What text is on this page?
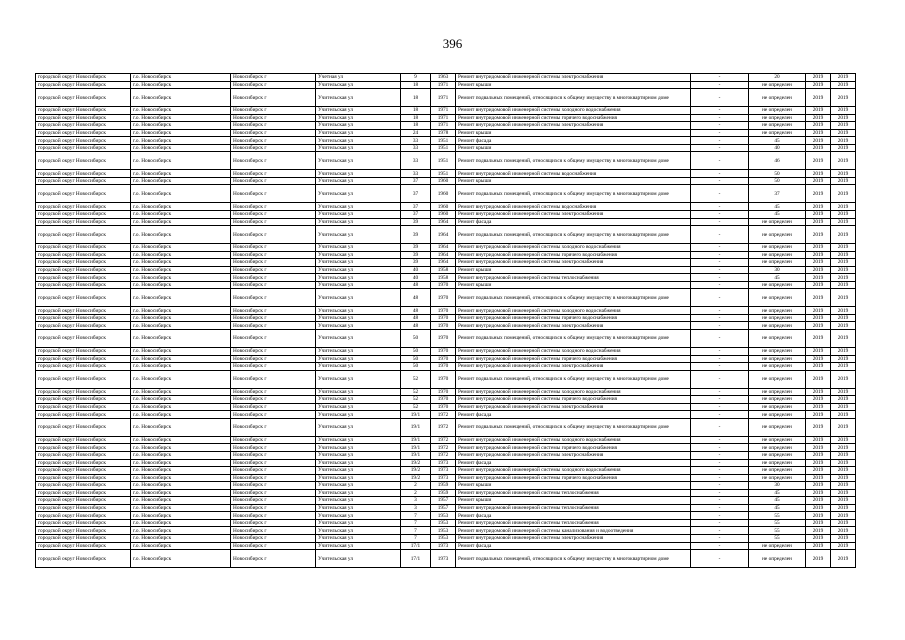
396
городской округ Новосибирск	г.о. Новосибирск	Новосибирск г	Учетная ул	9	1963	Ремонт внутридомовой инженерной системы электроснабжения	-	20	2019	2019
городской округ Новосибирск	г.о. Новосибирск	Новосибирск г	Учительская ул	18	1971	Ремонт крыши	-	не определен	2019	2019
городской округ Новосибирск	г.о. Новосибирск	Новосибирск г	Учительская ул	18	1971	Ремонт подвальных помещений, относящихся к общему имуществу в многоквартирном доме	-	не определен	2019	2019
городской округ Новосибирск	г.о. Новосибирск	Новосибирск г	Учительская ул	18	1971	Ремонт внутридомовой инженерной системы холодного водоснабжения	-	не определен	2019	2019
городской округ Новосибирск	г.о. Новосибирск	Новосибирск г	Учительская ул	18	1971	Ремонт внутридомовой инженерной системы горячего водоснабжения	-	не определен	2019	2019
городской округ Новосибирск	г.о. Новосибирск	Новосибирск г	Учительская ул	18	1971	Ремонт внутридомовой инженерной системы электроснабжения	-	не определен	2019	2019
городской округ Новосибирск	г.о. Новосибирск	Новосибирск г	Учительская ул	24	1978	Ремонт крыши	-	не определен	2019	2019
городской округ Новосибирск	г.о. Новосибирск	Новосибирск г	Учительская ул	33	1951	Ремонт фасада	-	45	2019	2019
городской округ Новосибирск	г.о. Новосибирск	Новосибирск г	Учительская ул	33	1951	Ремонт крыши	-	40	2019	2019
городской округ Новосибирск	г.о. Новосибирск	Новосибирск г	Учительская ул	33	1951	Ремонт подвальных помещений, относящихся к общему имуществу в многоквартирном доме	-	46	2019	2019
городской округ Новосибирск	г.о. Новосибирск	Новосибирск г	Учительская ул	33	1951	Ремонт внутридомовой инженерной системы водоснабжения	-	50	2019	2019
городской округ Новосибирск	г.о. Новосибирск	Новосибирск г	Учительская ул	37	1960	Ремонт крыши	-	50	2019	2019
городской округ Новосибирск	г.о. Новосибирск	Новосибирск г	Учительская ул	37	1960	Ремонт подвальных помещений, относящихся к общему имуществу в многоквартирном доме	-	37	2019	2019
городской округ Новосибирск	г.о. Новосибирск	Новосибирск г	Учительская ул	37	1960	Ремонт внутридомовой инженерной системы водоснабжения	-	45	2019	2019
городской округ Новосибирск	г.о. Новосибирск	Новосибирск г	Учительская ул	37	1960	Ремонт внутридомовой инженерной системы электроснабжения	-	45	2019	2019
городской округ Новосибирск	г.о. Новосибирск	Новосибирск г	Учительская ул	39	1964	Ремонт фасада	-	не определен	2019	2019
городской округ Новосибирск	г.о. Новосибирск	Новосибирск г	Учительская ул	39	1964	Ремонт подвальных помещений, относящихся к общему имуществу в многоквартирном доме	-	не определен	2019	2019
городской округ Новосибирск	г.о. Новосибирск	Новосибирск г	Учительская ул	39	1964	Ремонт внутридомовой инженерной системы холодного водоснабжения	-	не определен	2019	2019
городской округ Новосибирск	г.о. Новосибирск	Новосибирск г	Учительская ул	39	1964	Ремонт внутридомовой инженерной системы горячего водоснабжения	-	не определен	2019	2019
городской округ Новосибирск	г.о. Новосибирск	Новосибирск г	Учительская ул	39	1964	Ремонт внутридомовой инженерной системы электроснабжения	-	не определен	2019	2019
городской округ Новосибирск	г.о. Новосибирск	Новосибирск г	Учительская ул	40	1958	Ремонт крыши	-	30	2019	2019
городской округ Новосибирск	г.о. Новосибирск	Новосибирск г	Учительская ул	40	1958	Ремонт внутридомовой инженерной системы теплоснабжения	-	45	2019	2019
городской округ Новосибирск	г.о. Новосибирск	Новосибирск г	Учительская ул	48	1970	Ремонт крыши	-	не определен	2019	2019
городской округ Новосибирск	г.о. Новосибирск	Новосибирск г	Учительская ул	48	1970	Ремонт подвальных помещений, относящихся к общему имуществу в многоквартирном доме	-	не определен	2019	2019
городской округ Новосибирск	г.о. Новосибирск	Новосибирск г	Учительская ул	48	1970	Ремонт внутридомовой инженерной системы холодного водоснабжения	-	не определен	2019	2019
городской округ Новосибирск	г.о. Новосибирск	Новосибирск г	Учительская ул	48	1970	Ремонт внутридомовой инженерной системы горячего водоснабжения	-	не определен	2019	2019
городской округ Новосибирск	г.о. Новосибирск	Новосибирск г	Учительская ул	48	1970	Ремонт внутридомовой инженерной системы электроснабжения	-	не определен	2019	2019
городской округ Новосибирск	г.о. Новосибирск	Новосибирск г	Учительская ул	50	1970	Ремонт подвальных помещений, относящихся к общему имуществу в многоквартирном доме	-	не определен	2019	2019
городской округ Новосибирск	г.о. Новосибирск	Новосибирск г	Учительская ул	50	1970	Ремонт внутридомовой инженерной системы холодного водоснабжения	-	не определен	2019	2019
городской округ Новосибирск	г.о. Новосибирск	Новосибирск г	Учительская ул	50	1970	Ремонт внутридомовой инженерной системы горячего водоснабжения	-	не определен	2019	2019
городской округ Новосибирск	г.о. Новосибирск	Новосибирск г	Учительская ул	50	1970	Ремонт внутридомовой инженерной системы электроснабжения	-	не определен	2019	2019
городской округ Новосибирск	г.о. Новосибирск	Новосибирск г	Учительская ул	52	1970	Ремонт подвальных помещений, относящихся к общему имуществу в многоквартирном доме	-	не определен	2019	2019
городской округ Новосибирск	г.о. Новосибирск	Новосибирск г	Учительская ул	52	1970	Ремонт внутридомовой инженерной системы холодного водоснабжения	-	не определен	2019	2019
городской округ Новосибирск	г.о. Новосибирск	Новосибирск г	Учительская ул	52	1970	Ремонт внутридомовой инженерной системы горячего водоснабжения	-	не определен	2019	2019
городской округ Новосибирск	г.о. Новосибирск	Новосибирск г	Учительская ул	52	1970	Ремонт внутридомовой инженерной системы электроснабжения	-	не определен	2019	2019
городской округ Новосибирск	г.о. Новосибирск	Новосибирск г	Учительская ул	19/1	1972	Ремонт фасада	-	не определен	2019	2019
городской округ Новосибирск	г.о. Новосибирск	Новосибирск г	Учительская ул	19/1	1972	Ремонт подвальных помещений, относящихся к общему имуществу в многоквартирном доме	-	не определен	2019	2019
городской округ Новосибирск	г.о. Новосибирск	Новосибирск г	Учительская ул	19/1	1972	Ремонт внутридомовой инженерной системы холодного водоснабжения	-	не определен	2019	2019
городской округ Новосибирск	г.о. Новосибирск	Новосибирск г	Учительская ул	19/1	1972	Ремонт внутридомовой инженерной системы горячего водоснабжения	-	не определен	2019	2019
городской округ Новосибирск	г.о. Новосибирск	Новосибирск г	Учительская ул	19/1	1972	Ремонт внутридомовой инженерной системы электроснабжения	-	не определен	2019	2019
городской округ Новосибирск	г.о. Новосибирск	Новосибирск г	Учительская ул	19/2	1973	Ремонт фасада	-	не определен	2019	2019
городской округ Новосибирск	г.о. Новосибирск	Новосибирск г	Учительская ул	19/2	1973	Ремонт внутридомовой инженерной системы холодного водоснабжения	-	не определен	2019	2019
городской округ Новосибирск	г.о. Новосибирск	Новосибирск г	Учительская ул	19/2	1973	Ремонт внутридомовой инженерной системы горячего водоснабжения	-	не определен	2019	2019
городской округ Новосибирск	г.о. Новосибирск	Новосибирск г	Учительская ул	2	1959	Ремонт крыши	-	30	2019	2019
городской округ Новосибирск	г.о. Новосибирск	Новосибирск г	Учительская ул	2	1959	Ремонт внутридомовой инженерной системы теплоснабжения	-	45	2019	2019
городской округ Новосибирск	г.о. Новосибирск	Новосибирск г	Учительская ул	3	1957	Ремонт крыши	-	45	2019	2019
городской округ Новосибирск	г.о. Новосибирск	Новосибирск г	Учительская ул	3	1957	Ремонт внутридомовой инженерной системы теплоснабжения	-	45	2019	2019
городской округ Новосибирск	г.о. Новосибирск	Новосибирск г	Учительская ул	7	1953	Ремонт фасада	-	55	2019	2019
городской округ Новосибирск	г.о. Новосибирск	Новосибирск г	Учительская ул	7	1953	Ремонт внутридомовой инженерной системы теплоснабжения	-	55	2019	2019
городской округ Новосибирск	г.о. Новосибирск	Новосибирск г	Учительская ул	7	1953	Ремонт внутридомовой инженерной системы канализования и водоотведения	-	55	2019	2019
городской округ Новосибирск	г.о. Новосибирск	Новосибирск г	Учительская ул	7	1953	Ремонт внутридомовой инженерной системы электроснабжения	-	55	2019	2019
городской округ Новосибирск	г.о. Новосибирск	Новосибирск г	Учительская ул	17/1	1973	Ремонт фасада	-	не определен	2019	2019
городской округ Новосибирск	г.о. Новосибирск	Новосибирск г	Учительская ул	17/1	1973	Ремонт подвальных помещений, относящихся к общему имуществу в многоквартирном доме	-	не определен	2019	2019
